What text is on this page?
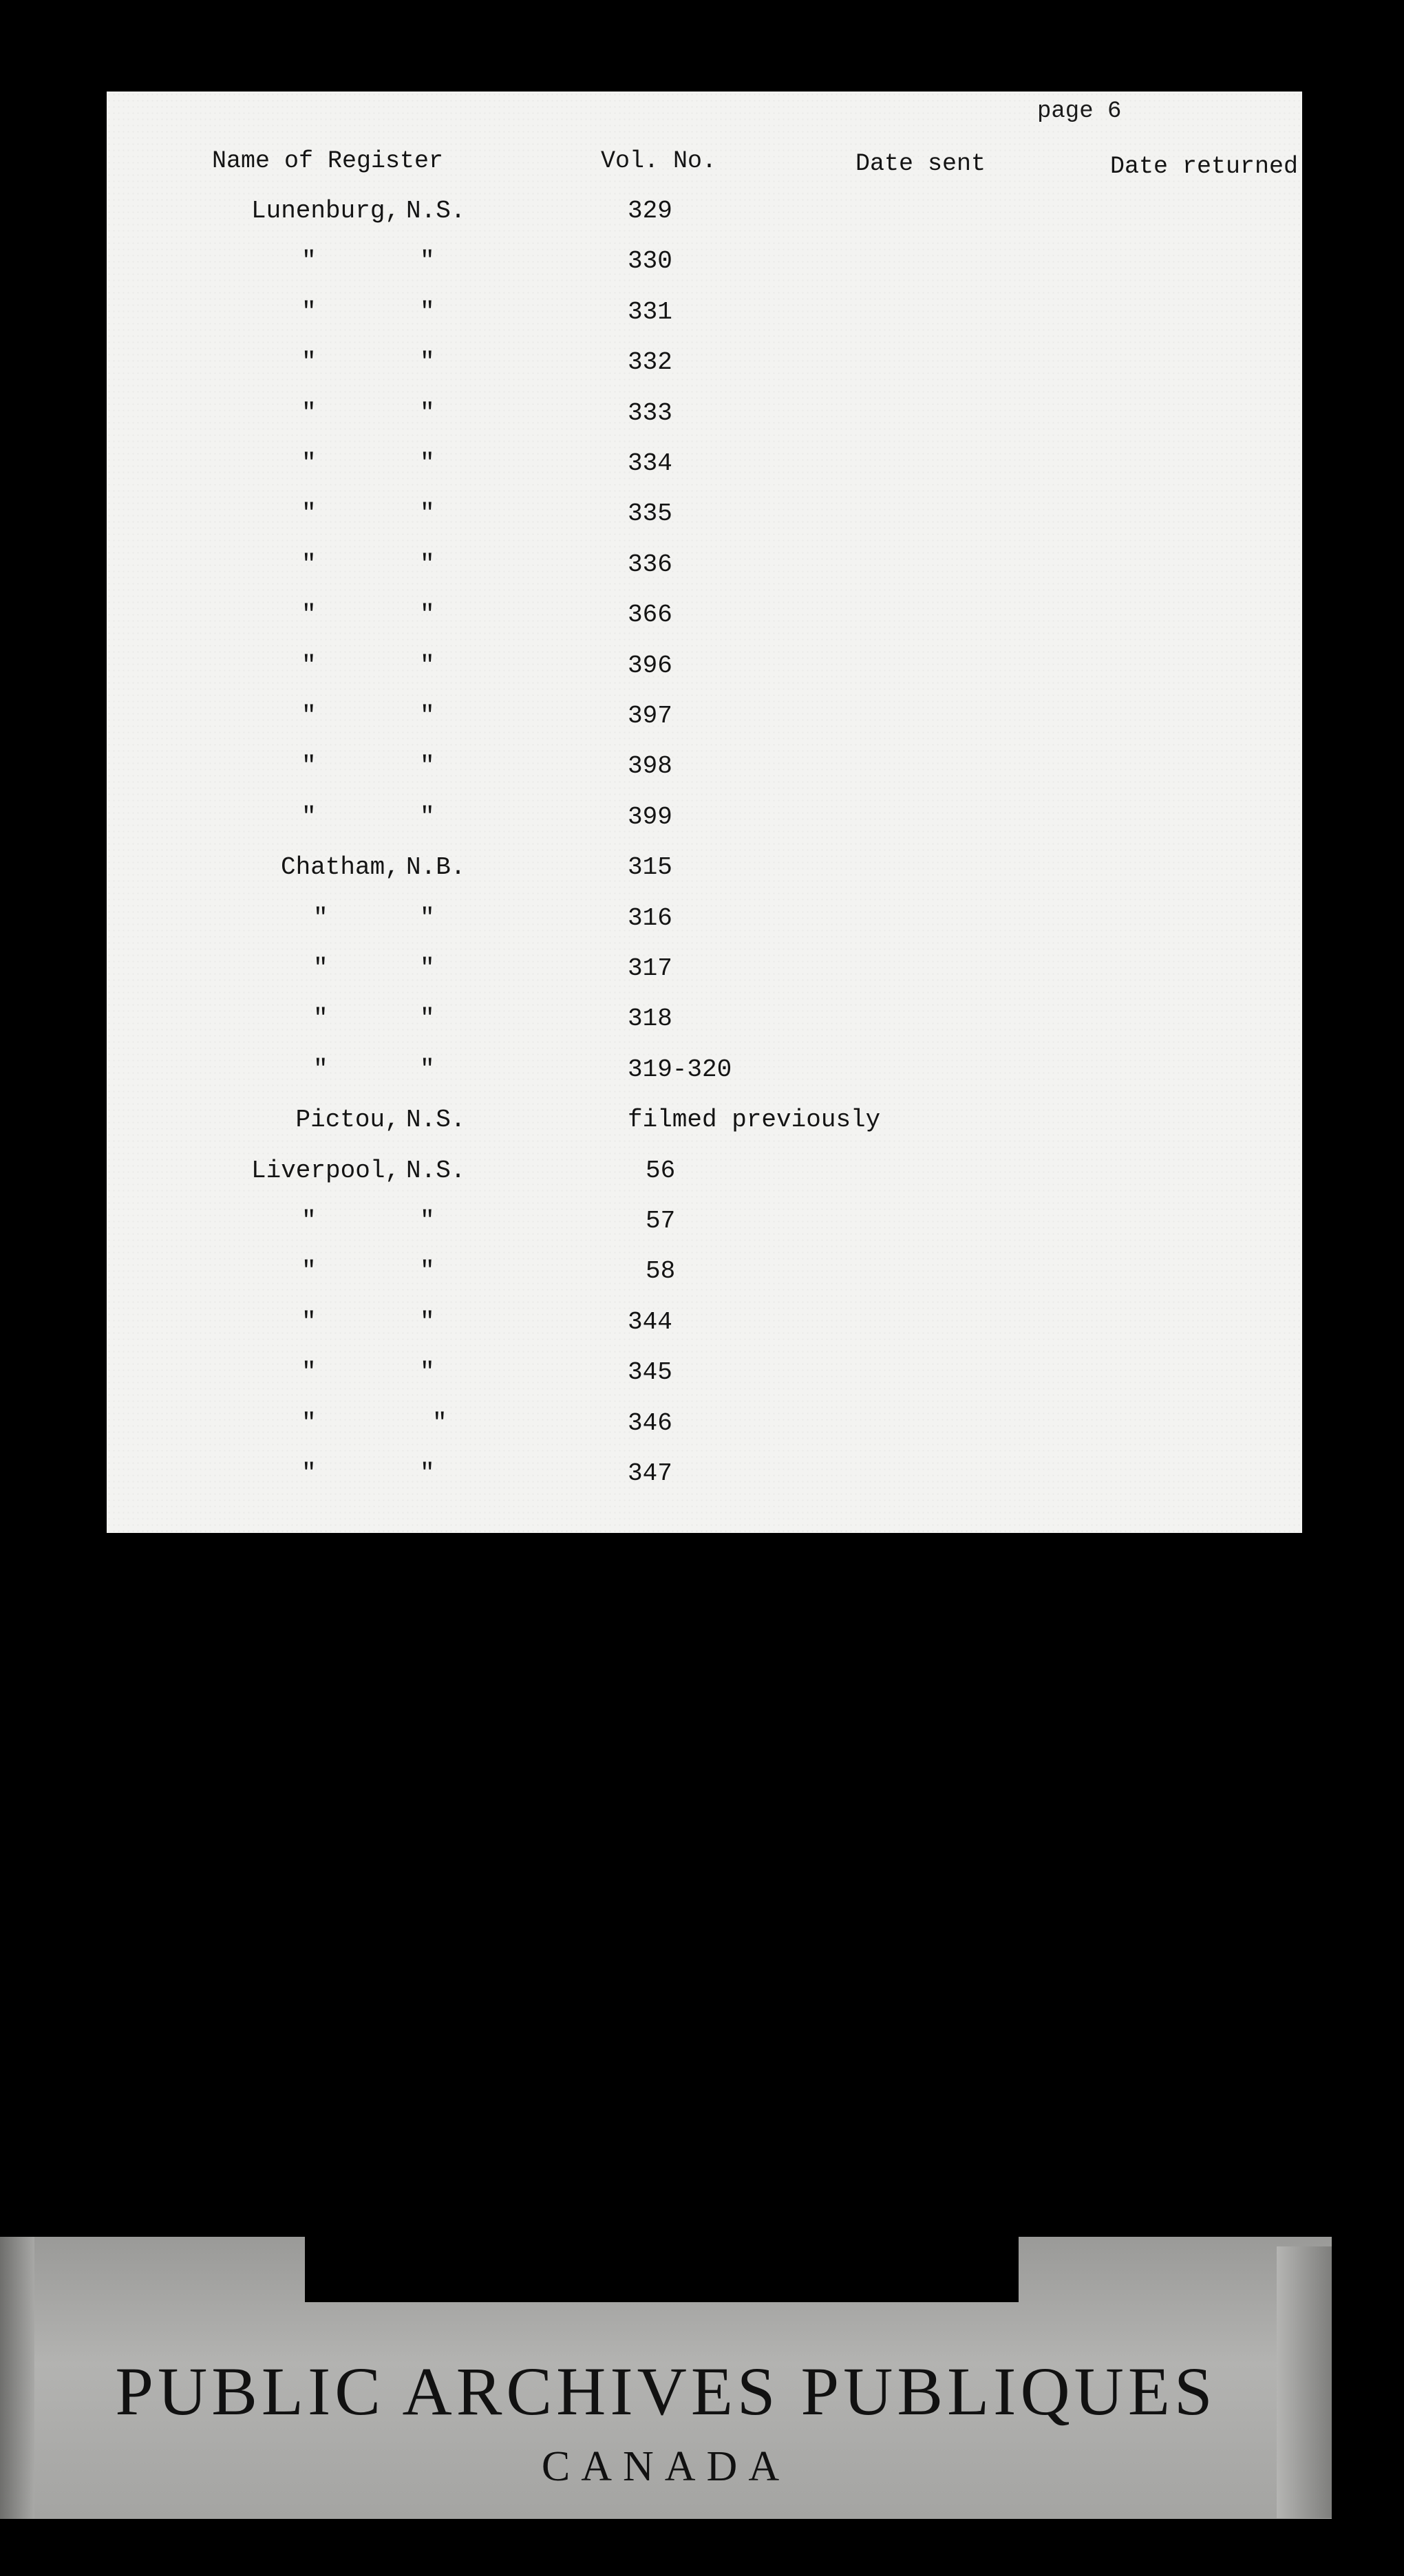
page 6
Name of Register	Vol. No.	Date sent	Date returned
Lunenburg, N.S.	329
"	"	330
"	"	331
"	"	332
"	"	333
"	"	334
"	"	335
"	"	336
"	"	366
"	"	396
"	"	397
"	"	398
"	"	399
Chatham, N.B.	315
"	"	316
"	"	317
"	"	318
"	"	319-320
Pictou, N.S.	filmed previously
Liverpool, N.S.	56
"	"	57
"	"	58
"	"	344
"	"	345
"	"	346
"	"	347
PUBLIC ARCHIVES PUBLIQUES
CANADA
